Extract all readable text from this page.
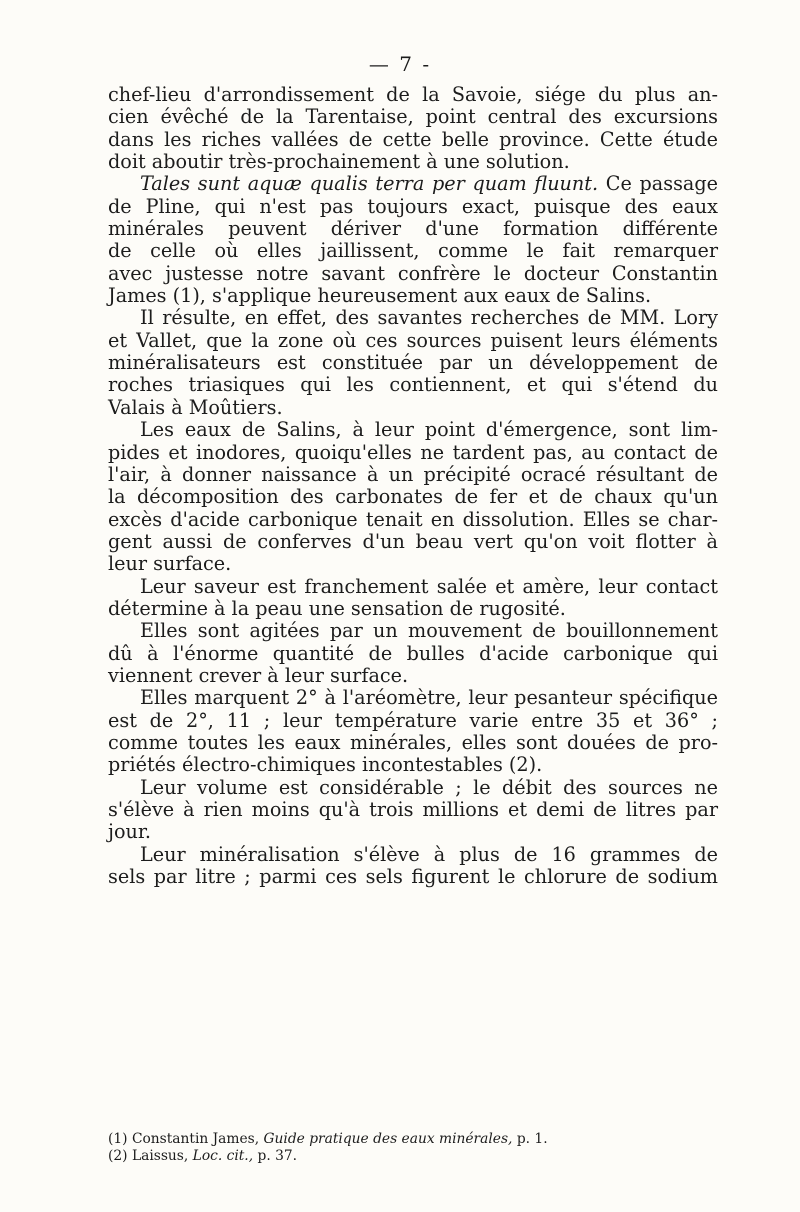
— 7 -
chef-lieu d'arrondissement de la Savoie, siége du plus an-
cien évêché de la Tarentaise, point central des excursions
dans les riches vallées de cette belle province. Cette étude
doit aboutir très-prochainement à une solution.
Tales sunt aquæ qualis terra per quam fluunt. Ce passage
de Pline, qui n'est pas toujours exact, puisque des eaux
minérales peuvent dériver d'une formation différente
de celle où elles jaillissent, comme le fait remarquer
avec justesse notre savant confrère le docteur Constantin
James (1), s'applique heureusement aux eaux de Salins.
Il résulte, en effet, des savantes recherches de MM. Lory
et Vallet, que la zone où ces sources puisent leurs éléments
minéralisateurs est constituée par un développement de
roches triasiques qui les contiennent, et qui s'étend du
Valais à Moûtiers.
Les eaux de Salins, à leur point d'émergence, sont lim-
pides et inodores, quoiqu'elles ne tardent pas, au contact de
l'air, à donner naissance à un précipité ocracé résultant de
la décomposition des carbonates de fer et de chaux qu'un
excès d'acide carbonique tenait en dissolution. Elles se char-
gent aussi de conferves d'un beau vert qu'on voit flotter à
leur surface.
Leur saveur est franchement salée et amère, leur contact
détermine à la peau une sensation de rugosité.
Elles sont agitées par un mouvement de bouillonnement
dû à l'énorme quantité de bulles d'acide carbonique qui
viennent crever à leur surface.
Elles marquent 2° à l'aréomètre, leur pesanteur spécifique
est de 2°, 11 ; leur température varie entre 35 et 36° ;
comme toutes les eaux minérales, elles sont douées de pro-
priétés électro-chimiques incontestables (2).
Leur volume est considérable ; le débit des sources ne
s'élève à rien moins qu'à trois millions et demi de litres par
jour.
Leur minéralisation s'élève à plus de 16 grammes de
sels par litre ; parmi ces sels figurent le chlorure de sodium
(1) Constantin James, Guide pratique des eaux minérales, p. 1.
(2) Laissus, Loc. cit., p. 37.
